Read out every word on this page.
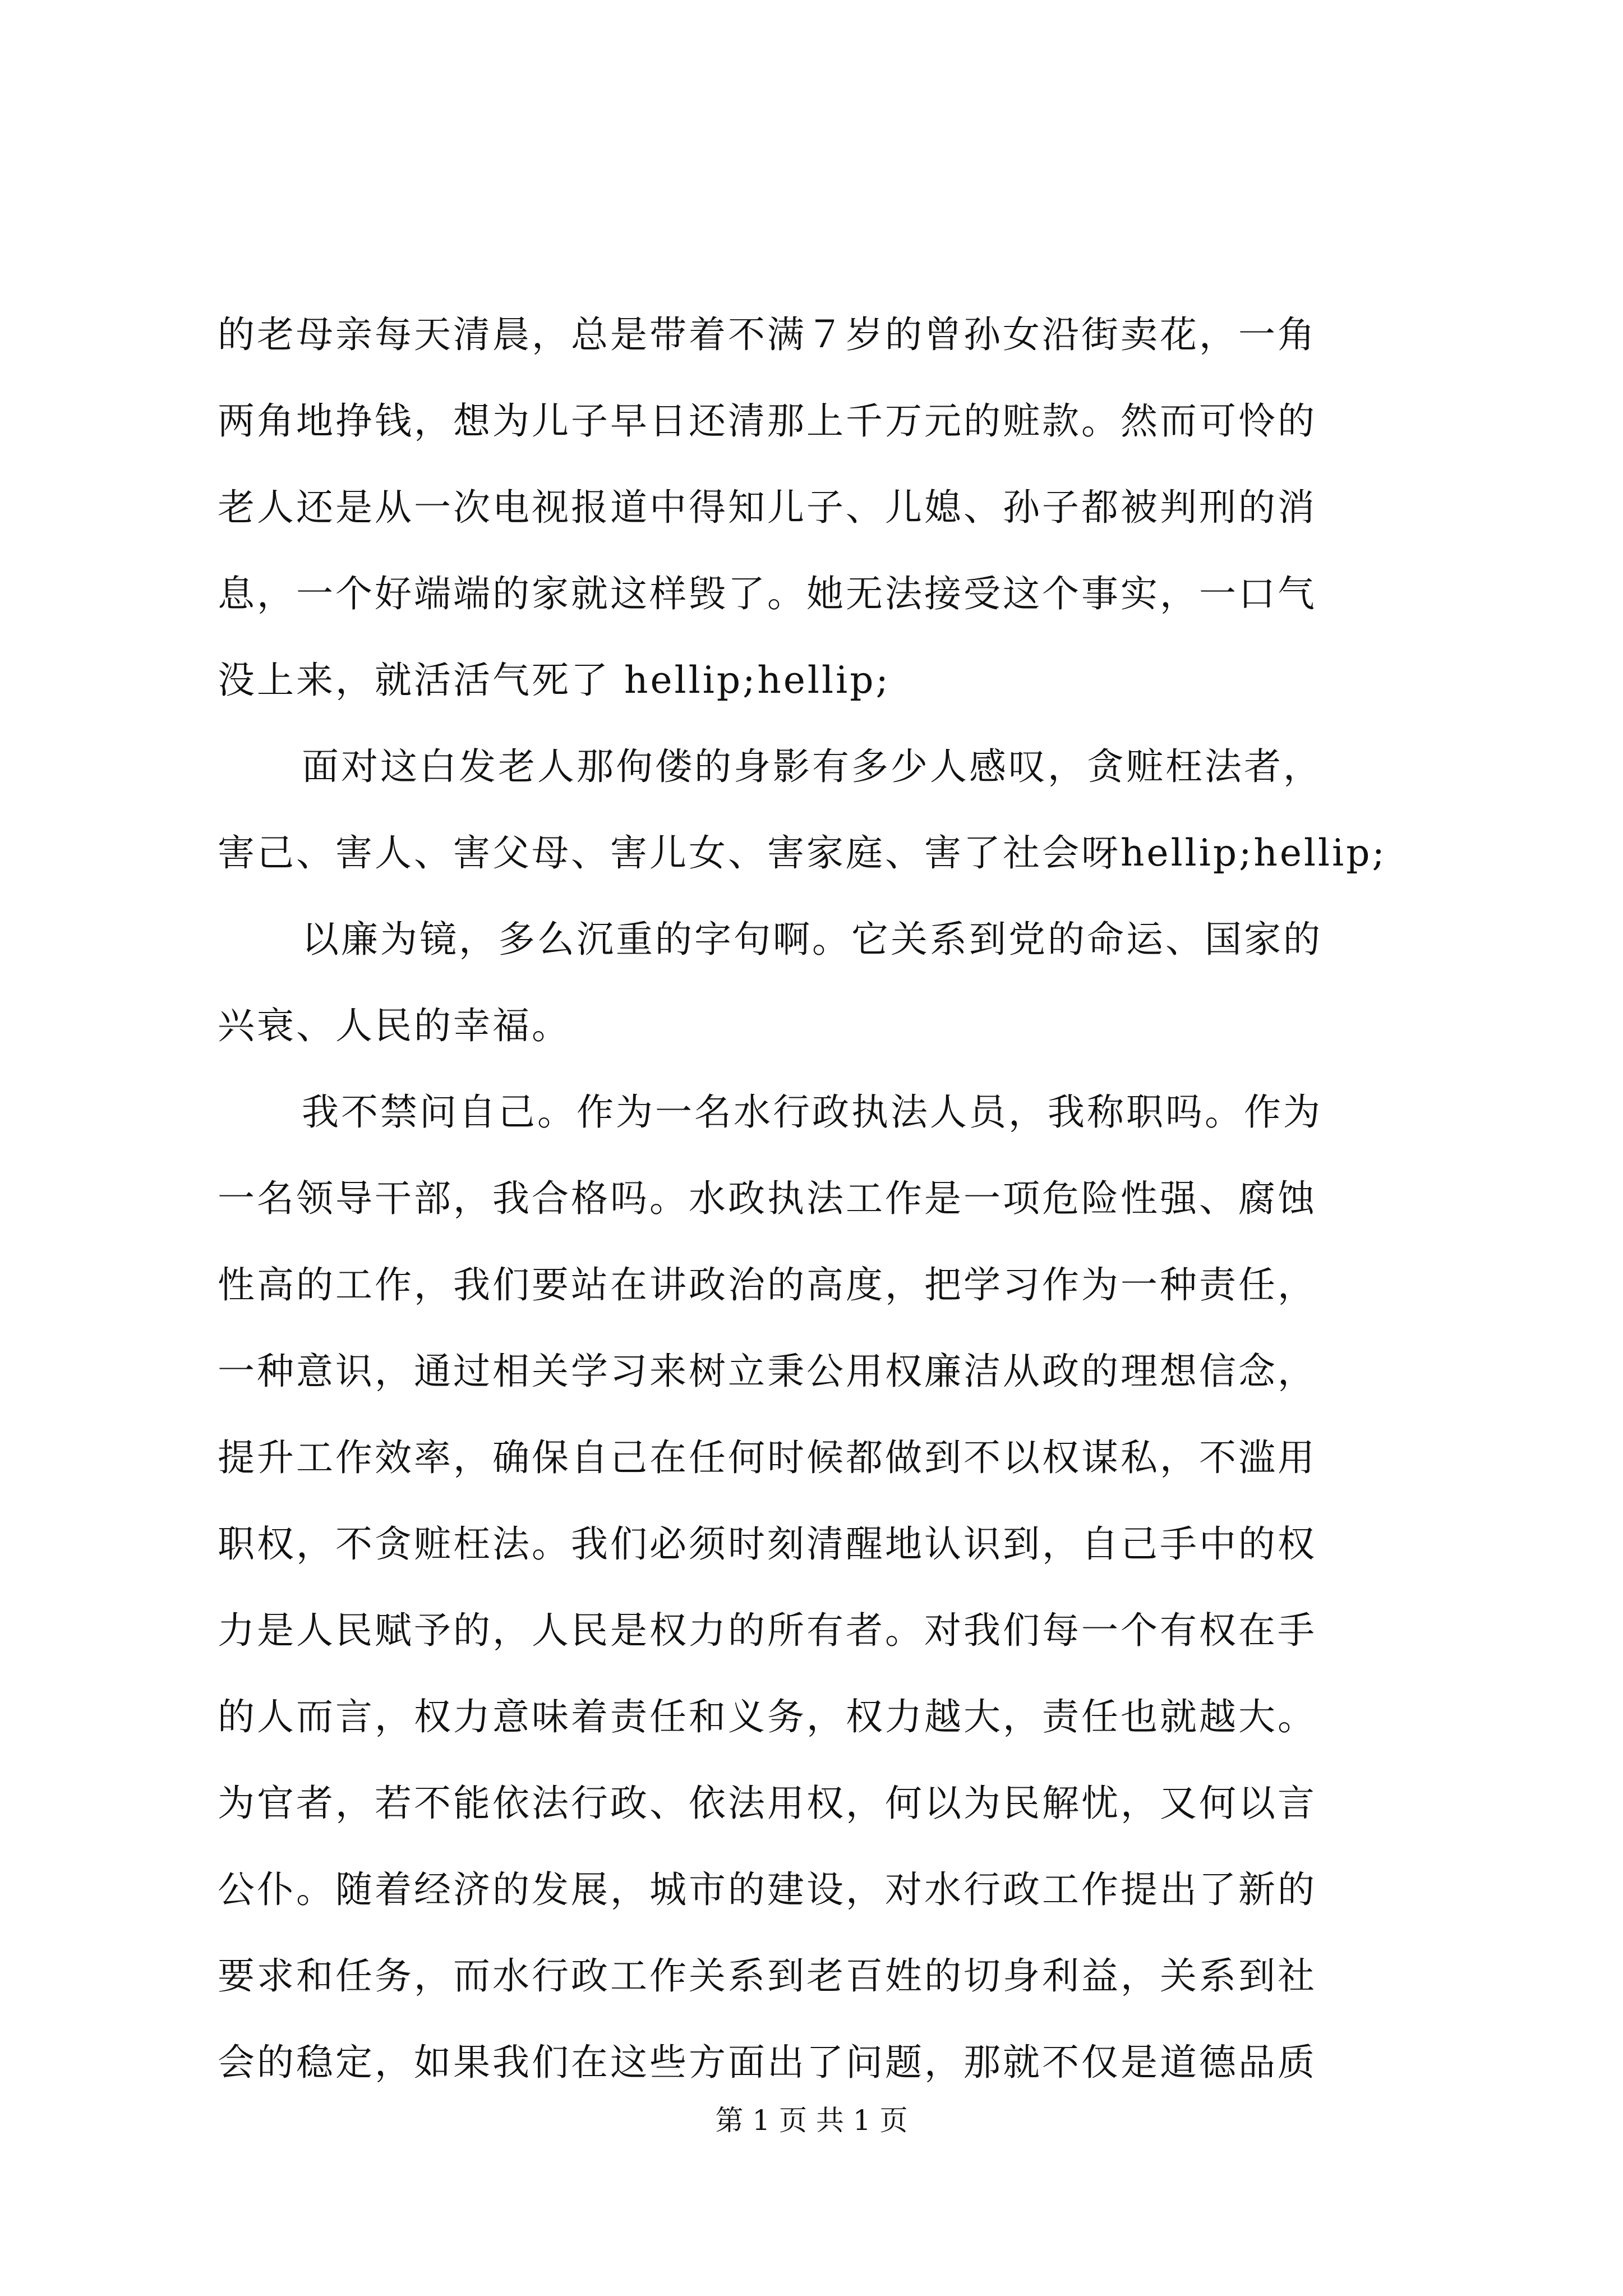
的老母亲每天清晨，总是带着不满７岁的曾孙女沿街卖花，一角
两角地挣钱，想为儿子早日还清那上千万元的赃款。然而可怜的
老人还是从一次电视报道中得知儿子、儿媳、孙子都被判刑的消
息，一个好端端的家就这样毁了。她无法接受这个事实，一口气
没上来，就活活气死了 hellip;hellip;
面对这白发老人那佝偻的身影有多少人感叹，贪赃枉法者，
害己、害人、害父母、害儿女、害家庭、害了社会呀hellip;hellip;
以廉为镜，多么沉重的字句啊。它关系到党的命运、国家的
兴衰、人民的幸福。
我不禁问自己。作为一名水行政执法人员，我称职吗。作为
一名领导干部，我合格吗。水政执法工作是一项危险性强、腐蚀
性高的工作，我们要站在讲政治的高度，把学习作为一种责任，
一种意识，通过相关学习来树立秉公用权廉洁从政的理想信念，
提升工作效率，确保自己在任何时候都做到不以权谋私，不滥用
职权，不贪赃枉法。我们必须时刻清醒地认识到，自己手中的权
力是人民赋予的，人民是权力的所有者。对我们每一个有权在手
的人而言，权力意味着责任和义务，权力越大，责任也就越大。
为官者，若不能依法行政、依法用权，何以为民解忧，又何以言
公仆。随着经济的发展，城市的建设，对水行政工作提出了新的
要求和任务，而水行政工作关系到老百姓的切身利益，关系到社
会的稳定，如果我们在这些方面出了问题，那就不仅是道德品质
第 1 页 共 1 页
